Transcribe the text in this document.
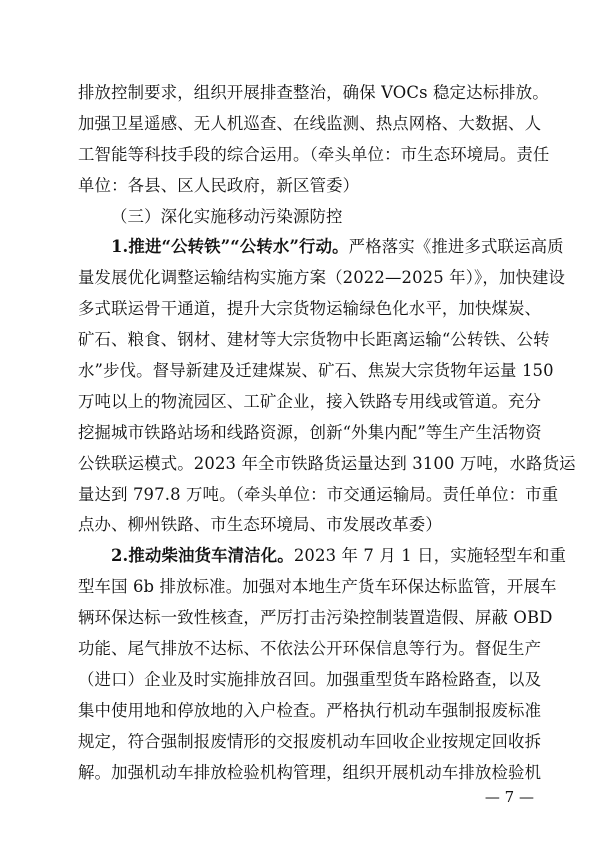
排放控制要求，组织开展排查整治，确保 VOCs 稳定达标排放。
加强卫星遥感、无人机巡查、在线监测、热点网格、大数据、人
工智能等科技手段的综合运用。（牵头单位：市生态环境局。责任
单位：各县、区人民政府，新区管委）
（三）深化实施移动污染源防控
1.推进“公转铁”“公转水”行动。严格落实《推进多式联运高质
量发展优化调整运输结构实施方案（2022—2025 年）》，加快建设
多式联运骨干通道，提升大宗货物运输绿色化水平，加快煤炭、
矿石、粮食、钢材、建材等大宗货物中长距离运输“公转铁、公转
水”步伐。督导新建及迁建煤炭、矿石、焦炭大宗货物年运量 150
万吨以上的物流园区、工矿企业，接入铁路专用线或管道。充分
挖掘城市铁路站场和线路资源，创新“外集内配”等生产生活物资
公铁联运模式。2023 年全市铁路货运量达到 3100 万吨，水路货运
量达到 797.8 万吨。（牵头单位：市交通运输局。责任单位：市重
点办、柳州铁路、市生态环境局、市发展改革委）
2.推动柴油货车清洁化。2023 年 7 月 1 日，实施轻型车和重
型车国 6b 排放标准。加强对本地生产货车环保达标监管，开展车
辆环保达标一致性核查，严厉打击污染控制装置造假、屏蔽 OBD
功能、尾气排放不达标、不依法公开环保信息等行为。督促生产
（进口）企业及时实施排放召回。加强重型货车路检路查，以及
集中使用地和停放地的入户检查。严格执行机动车强制报废标准
规定，符合强制报废情形的交报废机动车回收企业按规定回收拆
解。加强机动车排放检验机构管理，组织开展机动车排放检验机
— 7 —
